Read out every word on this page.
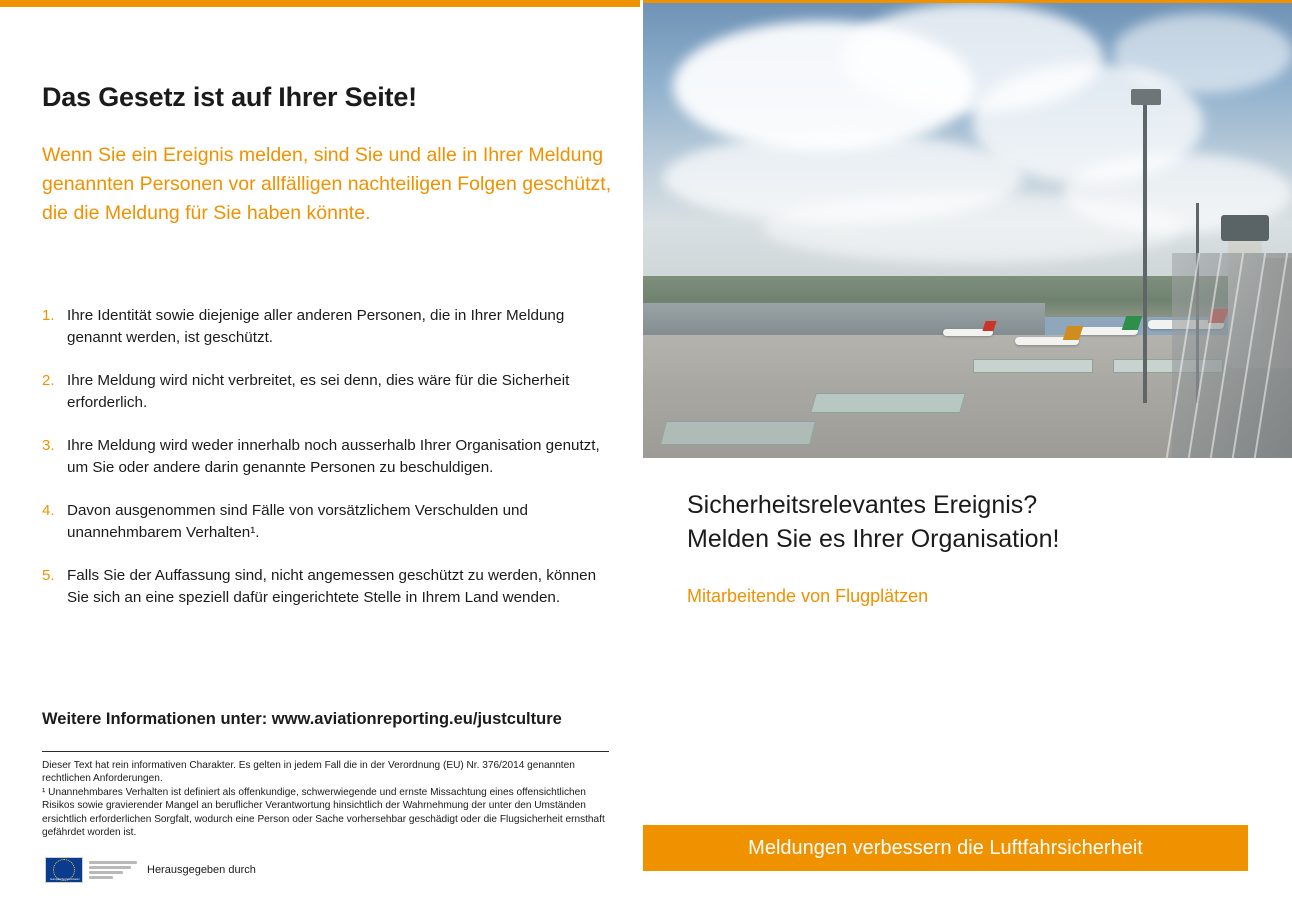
Das Gesetz ist auf Ihrer Seite!

Wenn Sie ein Ereignis melden, sind Sie und alle in Ihrer Meldung genannten Personen vor allfälligen nachteiligen Folgen geschützt, die die Meldung für Sie haben könnte.

1. Ihre Identität sowie diejenige aller anderen Personen, die in Ihrer Meldung genannt werden, ist geschützt.
2. Ihre Meldung wird nicht verbreitet, es sei denn, dies wäre für die Sicherheit erforderlich.
3. Ihre Meldung wird weder innerhalb noch ausserhalb Ihrer Organisation genutzt, um Sie oder andere darin genannte Personen zu beschuldigen.
4. Davon ausgenommen sind Fälle von vorsätzlichem Verschulden und unannehmbarem Verhalten¹.
5. Falls Sie der Auffassung sind, nicht angemessen geschützt zu werden, können Sie sich an eine speziell dafür eingerichtete Stelle in Ihrem Land wenden.
Weitere Informationen unter: www.aviationreporting.eu/justculture

Dieser Text hat rein informativen Charakter. Es gelten in jedem Fall die in der Verordnung (EU) Nr. 376/2014 genannten rechtlichen Anforderungen.

¹ Unannehmbares Verhalten ist definiert als offenkundige, schwerwiegende und ernste Missachtung eines offensichtlichen Risikos sowie gravierender Mangel an beruflicher Verantwortung hinsichtlich der Wahrnehmung der unter den Umständen ersichtlich erforderlichen Sorgfalt, wodurch eine Person oder Sache vorhersehbar geschädigt oder die Flugsicherheit ernsthaft gefährdet worden ist.

Europäische Kommission
Herausgegeben durch
Sicherheitsrelevantes Ereignis?
Melden Sie es Ihrer Organisation!
Mitarbeitende von Flugplätzen
Meldungen verbessern die Luftfahrsicherheit
